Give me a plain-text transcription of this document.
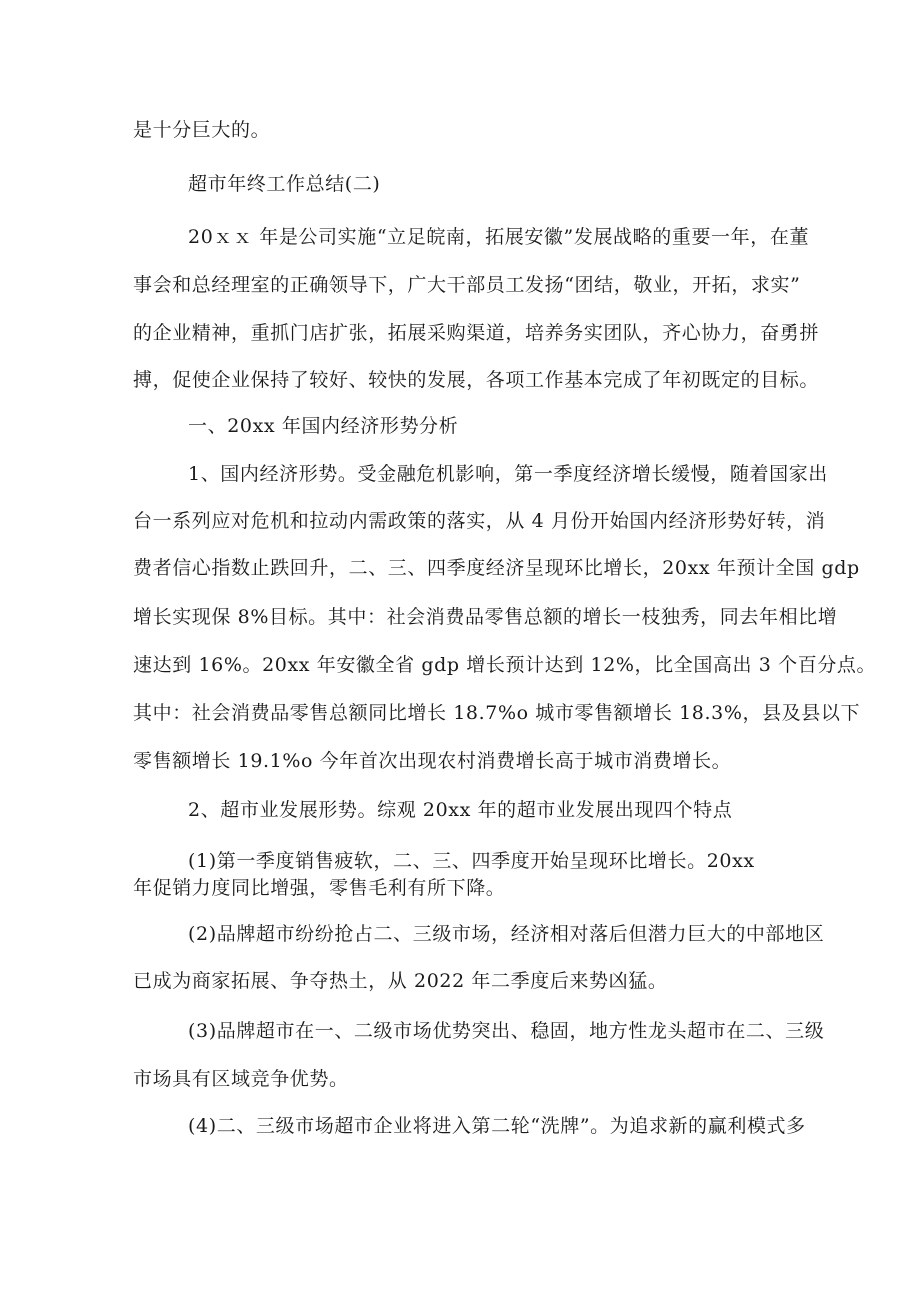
是十分巨大的。

超市年终工作总结(二)

20ｘｘ 年是公司实施“立足皖南，拓展安徽”发展战略的重要一年，在董

事会和总经理室的正确领导下，广大干部员工发扬“团结，敬业，开拓，求实”

的企业精神，重抓门店扩张，拓展采购渠道，培养务实团队，齐心协力，奋勇拼

搏，促使企业保持了较好、较快的发展，各项工作基本完成了年初既定的目标。

一、20xx 年国内经济形势分析

1、国内经济形势。受金融危机影响，第一季度经济增长缓慢，随着国家出

台一系列应对危机和拉动内需政策的落实，从 4 月份开始国内经济形势好转，消

费者信心指数止跌回升，二、三、四季度经济呈现环比增长，20xx 年预计全国 gdp

增长实现保 8%目标。其中：社会消费品零售总额的增长一枝独秀，同去年相比增

速达到 16%。20xx 年安徽全省 gdp 增长预计达到 12%，比全国高出 3 个百分点。

其中：社会消费品零售总额同比增长 18.7%o 城市零售额增长 18.3%，县及县以下

零售额增长 19.1%o 今年首次出现农村消费增长高于城市消费增长。

2、超市业发展形势。综观 20xx 年的超市业发展出现四个特点

(1)第一季度销售疲软，二、三、四季度开始呈现环比增长。20xx

年促销力度同比增强，零售毛利有所下降。

(2)品牌超市纷纷抢占二、三级市场，经济相对落后但潜力巨大的中部地区

已成为商家拓展、争夺热土，从 2022 年二季度后来势凶猛。

(3)品牌超市在一、二级市场优势突出、稳固，地方性龙头超市在二、三级

市场具有区域竞争优势。

(4)二、三级市场超市企业将进入第二轮“洗牌”。为追求新的赢利模式多
